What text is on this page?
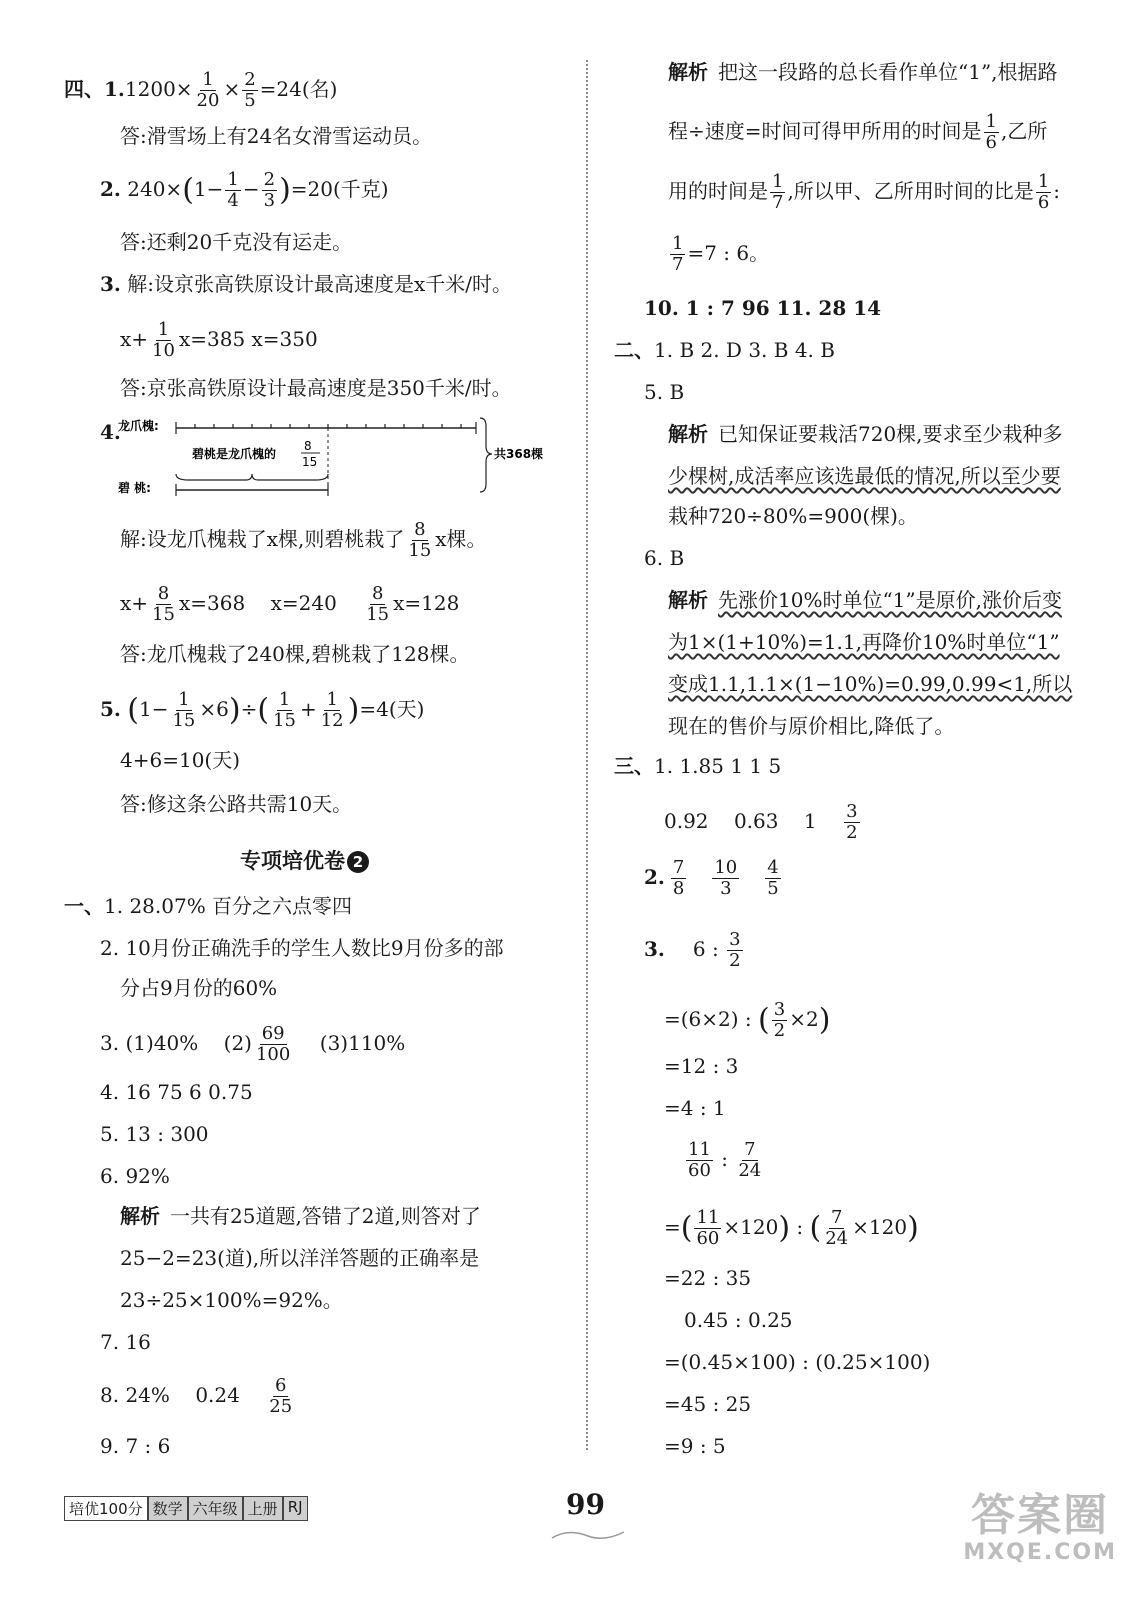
四、$1.1200\times \frac{1}{20} \times \frac{2}{5} =24$(名)
答:滑雪场上有24名女滑雪运动员。
2. $240\times(1- \frac{1}{4} - \frac{2}{3} )=20$(千克)
答:还剩20千克没有运走。
3. 解:设京张高铁原设计最高速度是x千米/时。
$x+ \frac{1}{10} x=385$ x=350
答:京张高铁原设计最高速度是350千米/时。
4.
龙爪槐:
碧桃是龙爪槐的
8
15
碧 桃:
共368棵
解:设龙爪槐栽了x棵,则碧桃栽了 $\frac{8}{15}$ x棵。
$x+ \frac{8}{15} x=368$    $x=240 \frac{8}{15} x=128$
答:龙爪槐栽了240棵,碧桃栽了128棵。
5. $(1- \frac{1}{15} \times 6)\div( \frac{1}{15} + \frac{1}{12} )=4$(天)
4+6=10(天)
答:修这条公路共需10天。
专项培优卷 2
一、1. 28.07% 百分之六点零四
2. 10月份正确洗手的学生人数比9月份多的部
分占9月份的60%
3. (1)40%    $(2) \frac{69}{100} (3)110\%$
4. 16 75 6 0.75
5. 13 : 300
6. 92%
解析 一共有25道题,答错了2道,则答对了
25−2=23(道),所以洋洋答题的正确率是
23÷25×100%=92%。
7. 16
8. 24%    $0.24 \frac{6}{25}$
9. 7 : 6
解析 把这一段路的总长看作单位“1”,根据路
程÷速度=时间可得甲所用的时间是 $\frac{1}{6}$ ,乙所
用的时间是 $\frac{1}{7}$ ,所以甲、乙所用时间的比是 $\frac{1}{6}$ :
$\frac{1}{7} =7$ : 6。
10. 1 : 7 96 11. 28 14
二、1. B 2. D 3. B 4. B
5. B
解析 已知保证要栽活720棵,要求至少栽种多
少棵树,成活率应该选最低的情况,所以至少要
栽种720÷80%=900(棵)。
6. B
解析 先涨价10%时单位“1”是原价,涨价后变
为1×(1+10%)=1.1,再降价10%时单位“1”
变成1.1,1.1×(1−10%)=0.99,0.99<1,所以
现在的售价与原价相比,降低了。
三、1. 1.85 1 1 5
0.92    0.63    $1 \frac{3}{2}$
2. $\frac{7}{8} \frac{10}{3} \frac{4}{5}$
3. 6 : $\frac{3}{2}$
=(6×2) : ( $\frac{3}{2} \times 2$)
=12 : 3
=4 : 1
$\frac{11}{60}$ : $\frac{7}{24}$
=( $\frac{11}{60} \times 120$) : ( $\frac{7}{24} \times 120$)
=22 : 35
0.45 : 0.25
=(0.45×100) : (0.25×100)
=45 : 25
=9 : 5
培优100分 数学 六年级 上册 RJ	99	答案圈
MXQE.COM
